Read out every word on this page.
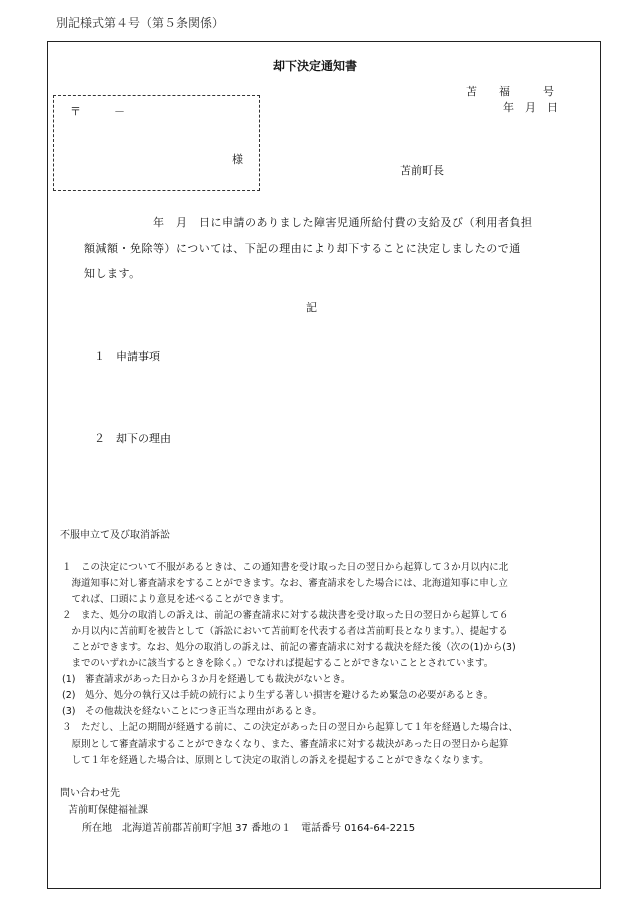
別記様式第４号（第５条関係）
却下決定通知書
苫　　福　　　号
年　月　日
〒　　　－
様
苫前町長
　　年　月　日に申請のありました障害児通所給付費の支給及び（利用者負担
額減額・免除等）については、下記の理由により却下することに決定しましたので通
知します。
記
１　申請事項
２　却下の理由
不服申立て及び取消訴訟
１　この決定について不服があるときは、この通知書を受け取った日の翌日から起算して３か月以内に北
　海道知事に対し審査請求をすることができます。なお、審査請求をした場合には、北海道知事に申し立
　てれば、口頭により意見を述べることができます。
２　また、処分の取消しの訴えは、前記の審査請求に対する裁決書を受け取った日の翌日から起算して６
　か月以内に苫前町を被告として（訴訟において苫前町を代表する者は苫前町長となります。）、提起する
　ことができます。なお、処分の取消しの訴えは、前記の審査請求に対する裁決を経た後（次の(1)から(3)
　までのいずれかに該当するときを除く。）でなければ提起することができないこととされています。
(1)　審査請求があった日から３か月を経過しても裁決がないとき。
(2)　処分、処分の執行又は手続の続行により生ずる著しい損害を避けるため緊急の必要があるとき。
(3)　その他裁決を経ないことにつき正当な理由があるとき。
３　ただし、上記の期間が経過する前に、この決定があった日の翌日から起算して１年を経過した場合は、
　原則として審査請求することができなくなり、また、審査請求に対する裁決があった日の翌日から起算
　して１年を経過した場合は、原則として決定の取消しの訴えを提起することができなくなります。
問い合わせ先
苫前町保健福祉課
所在地　北海道苫前郡苫前町字旭 37 番地の１　電話番号 0164-64-2215
